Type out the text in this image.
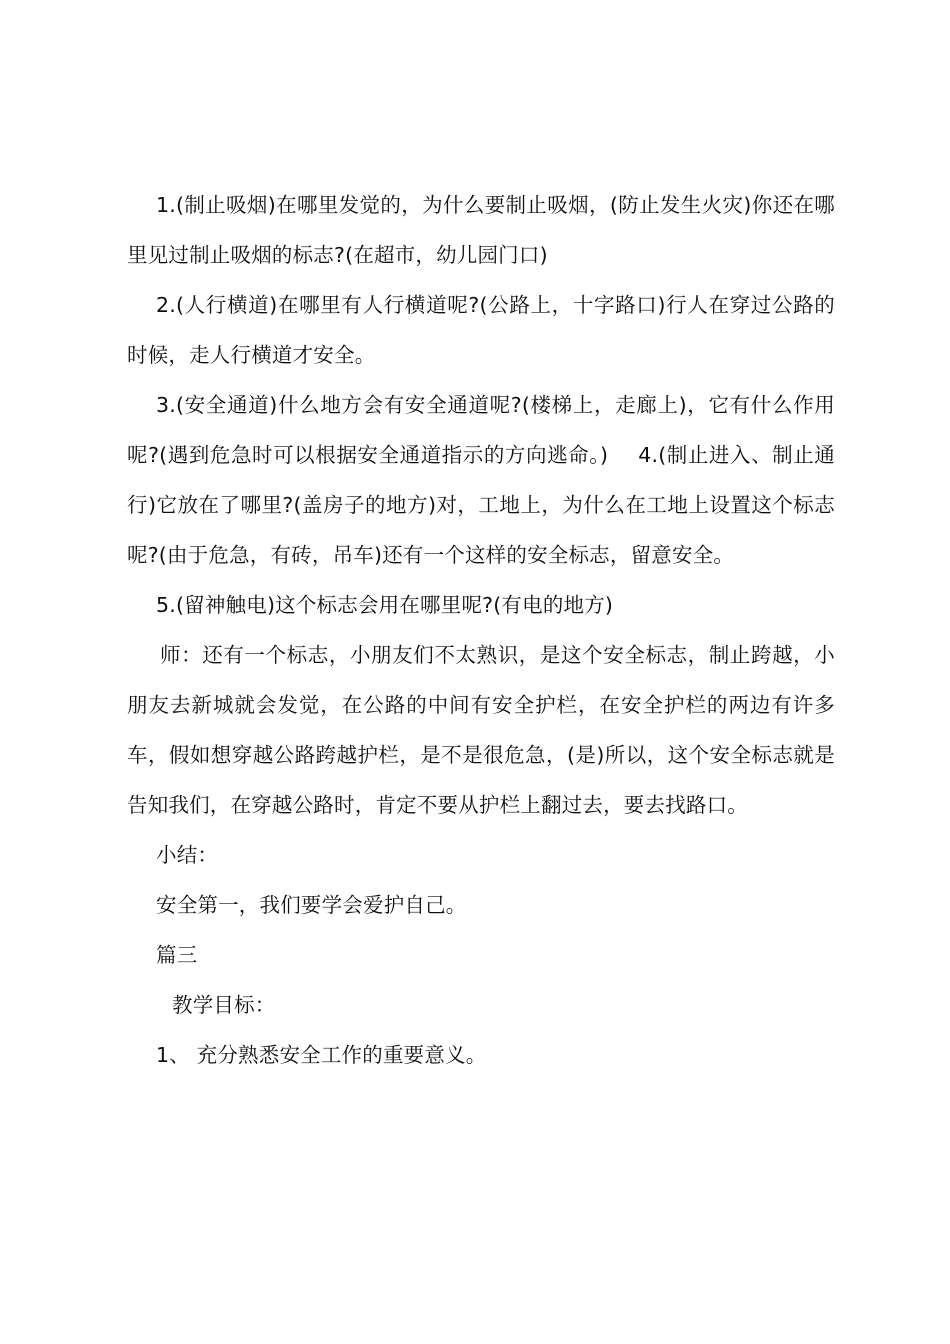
1.(制止吸烟)在哪里发觉的，为什么要制止吸烟，(防止发生火灾)你还在哪里见过制止吸烟的标志?(在超市，幼儿园门口)

2.(人行横道)在哪里有人行横道呢?(公路上，十字路口)行人在穿过公路的时候，走人行横道才安全。

3.(安全通道)什么地方会有安全通道呢?(楼梯上，走廊上)，它有什么作用呢?(遇到危急时可以根据安全通道指示的方向逃命。) 4.(制止进入、制止通行)它放在了哪里?(盖房子的地方)对，工地上，为什么在工地上设置这个标志呢?(由于危急，有砖，吊车)还有一个这样的安全标志，留意安全。

5.(留神触电)这个标志会用在哪里呢?(有电的地方)

师：还有一个标志，小朋友们不太熟识，是这个安全标志，制止跨越，小朋友去新城就会发觉，在公路的中间有安全护栏，在安全护栏的两边有许多车，假如想穿越公路跨越护栏，是不是很危急，(是)所以，这个安全标志就是告知我们，在穿越公路时，肯定不要从护栏上翻过去，要去找路口。

小结：

安全第一，我们要学会爱护自己。

篇三

教学目标：

1、 充分熟悉安全工作的重要意义。
